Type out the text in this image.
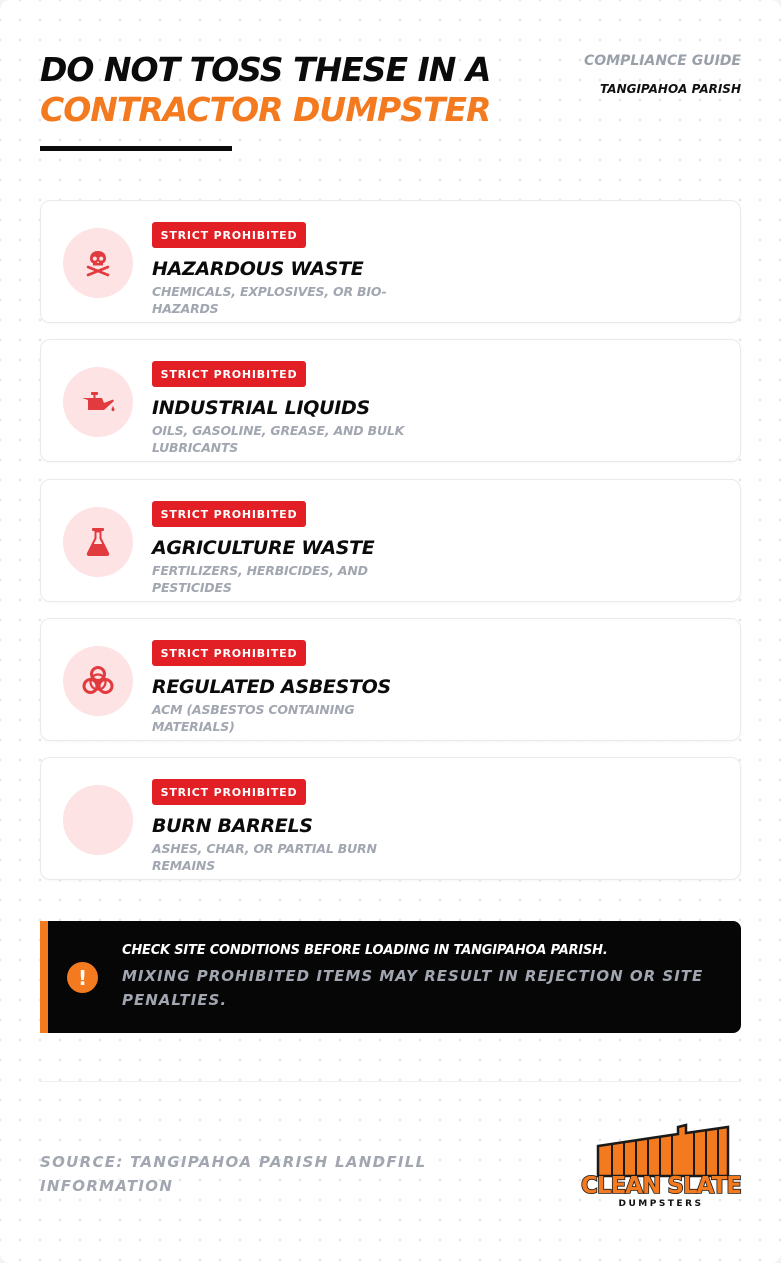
DO NOT TOSS THESE IN A
CONTRACTOR DUMPSTER
COMPLIANCE GUIDE
TANGIPAHOA PARISH
STRICT PROHIBITED
HAZARDOUS WASTE
CHEMICALS, EXPLOSIVES, OR BIO-HAZARDS
STRICT PROHIBITED
INDUSTRIAL LIQUIDS
OILS, GASOLINE, GREASE, AND BULK LUBRICANTS
STRICT PROHIBITED
AGRICULTURE WASTE
FERTILIZERS, HERBICIDES, AND PESTICIDES
STRICT PROHIBITED
REGULATED ASBESTOS
ACM (ASBESTOS CONTAINING MATERIALS)
STRICT PROHIBITED
BURN BARRELS
ASHES, CHAR, OR PARTIAL BURN REMAINS
!
CHECK SITE CONDITIONS BEFORE LOADING IN TANGIPAHOA PARISH.
MIXING PROHIBITED ITEMS MAY RESULT IN REJECTION OR SITE PENALTIES.
SOURCE: TANGIPAHOA PARISH LANDFILL INFORMATION	CLEAN SLATE
DUMPSTERS
